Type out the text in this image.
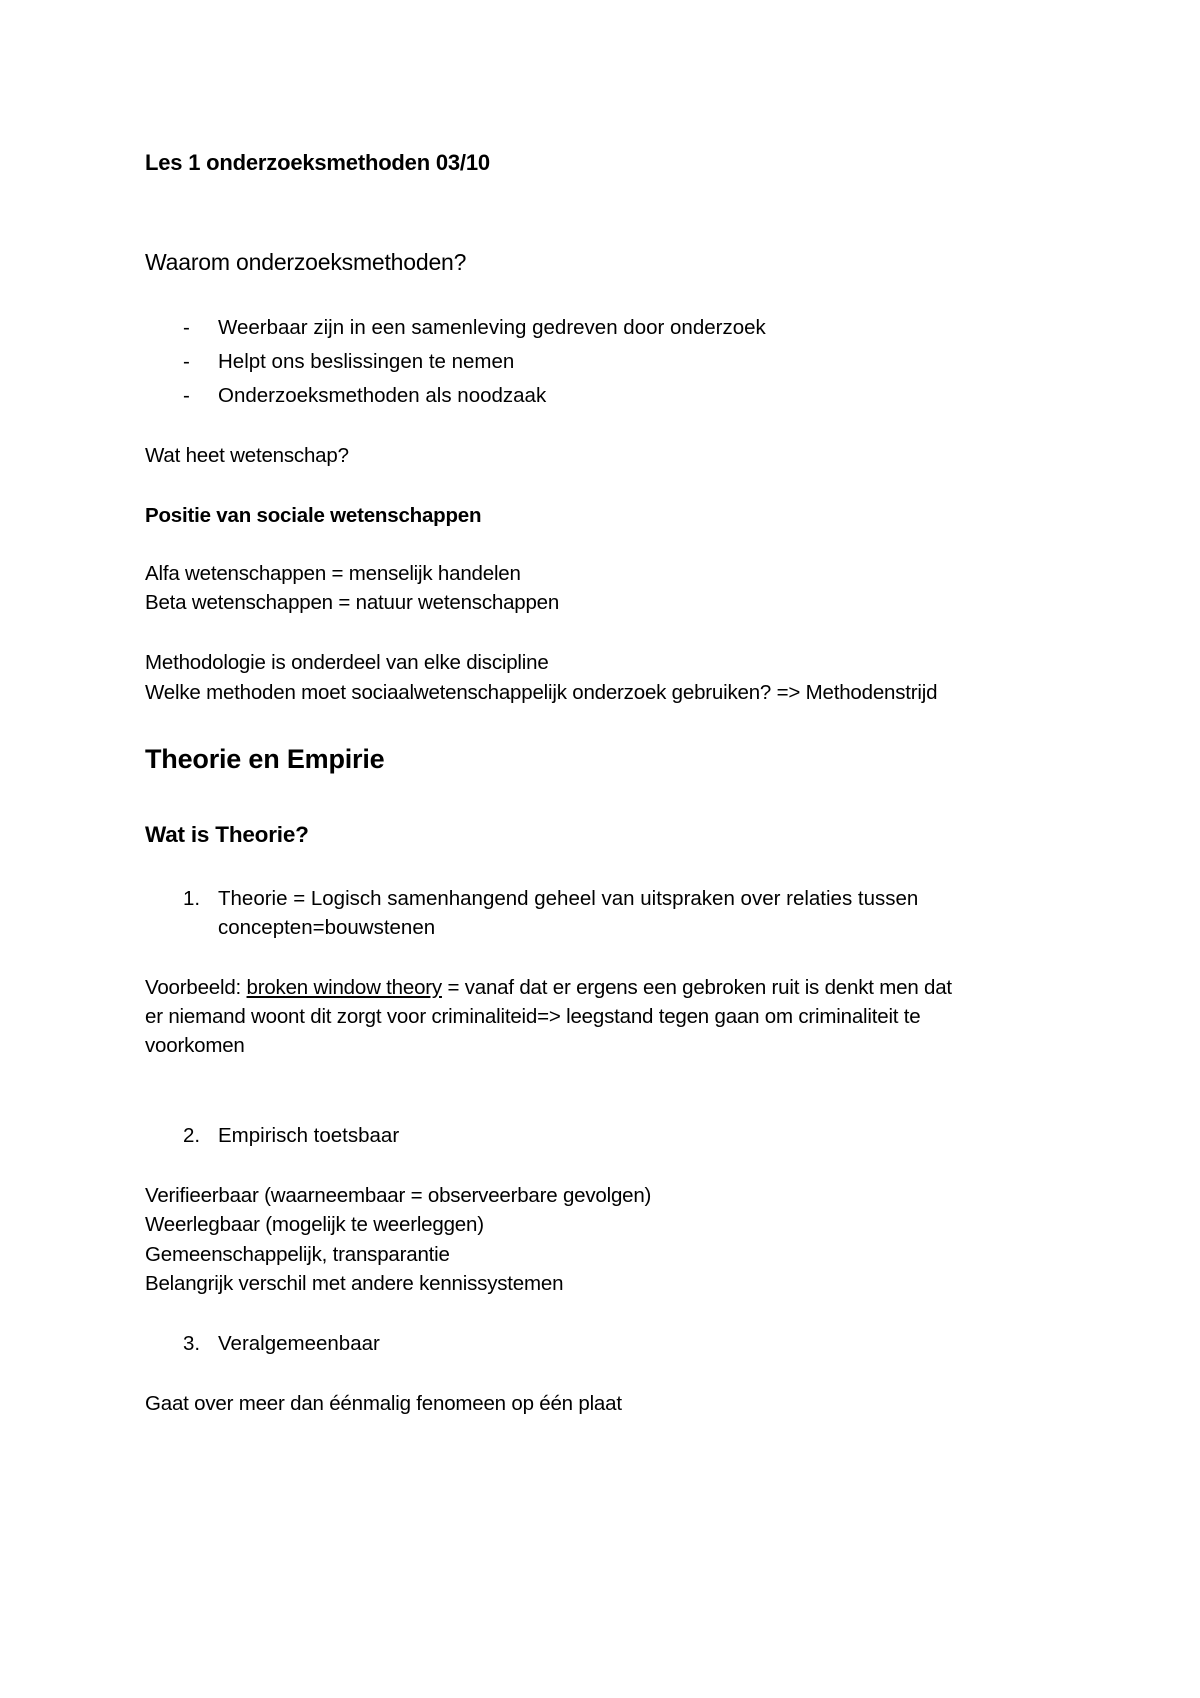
Les 1 onderzoeksmethoden 03/10
Waarom onderzoeksmethoden?
- Weerbaar zijn in een samenleving gedreven door onderzoek
- Helpt ons beslissingen te nemen
- Onderzoeksmethoden als noodzaak
Wat heet wetenschap?
Positie van sociale wetenschappen
Alfa wetenschappen = menselijk handelen
Beta wetenschappen = natuur wetenschappen
Methodologie is onderdeel van elke discipline
Welke methoden moet sociaalwetenschappelijk onderzoek gebruiken? => Methodenstrijd
Theorie en Empirie
Wat is Theorie?
1. Theorie = Logisch samenhangend geheel van uitspraken over relaties tussen
concepten=bouwstenen
Voorbeeld: broken window theory = vanaf dat er ergens een gebroken ruit is denkt men dat
er niemand woont dit zorgt voor criminaliteid=> leegstand tegen gaan om criminaliteit te
voorkomen
2. Empirisch toetsbaar
Verifieerbaar (waarneembaar = observeerbare gevolgen)
Weerlegbaar (mogelijk te weerleggen)
Gemeenschappelijk, transparantie
Belangrijk verschil met andere kennissystemen
3. Veralgemeenbaar
Gaat over meer dan éénmalig fenomeen op één plaat
